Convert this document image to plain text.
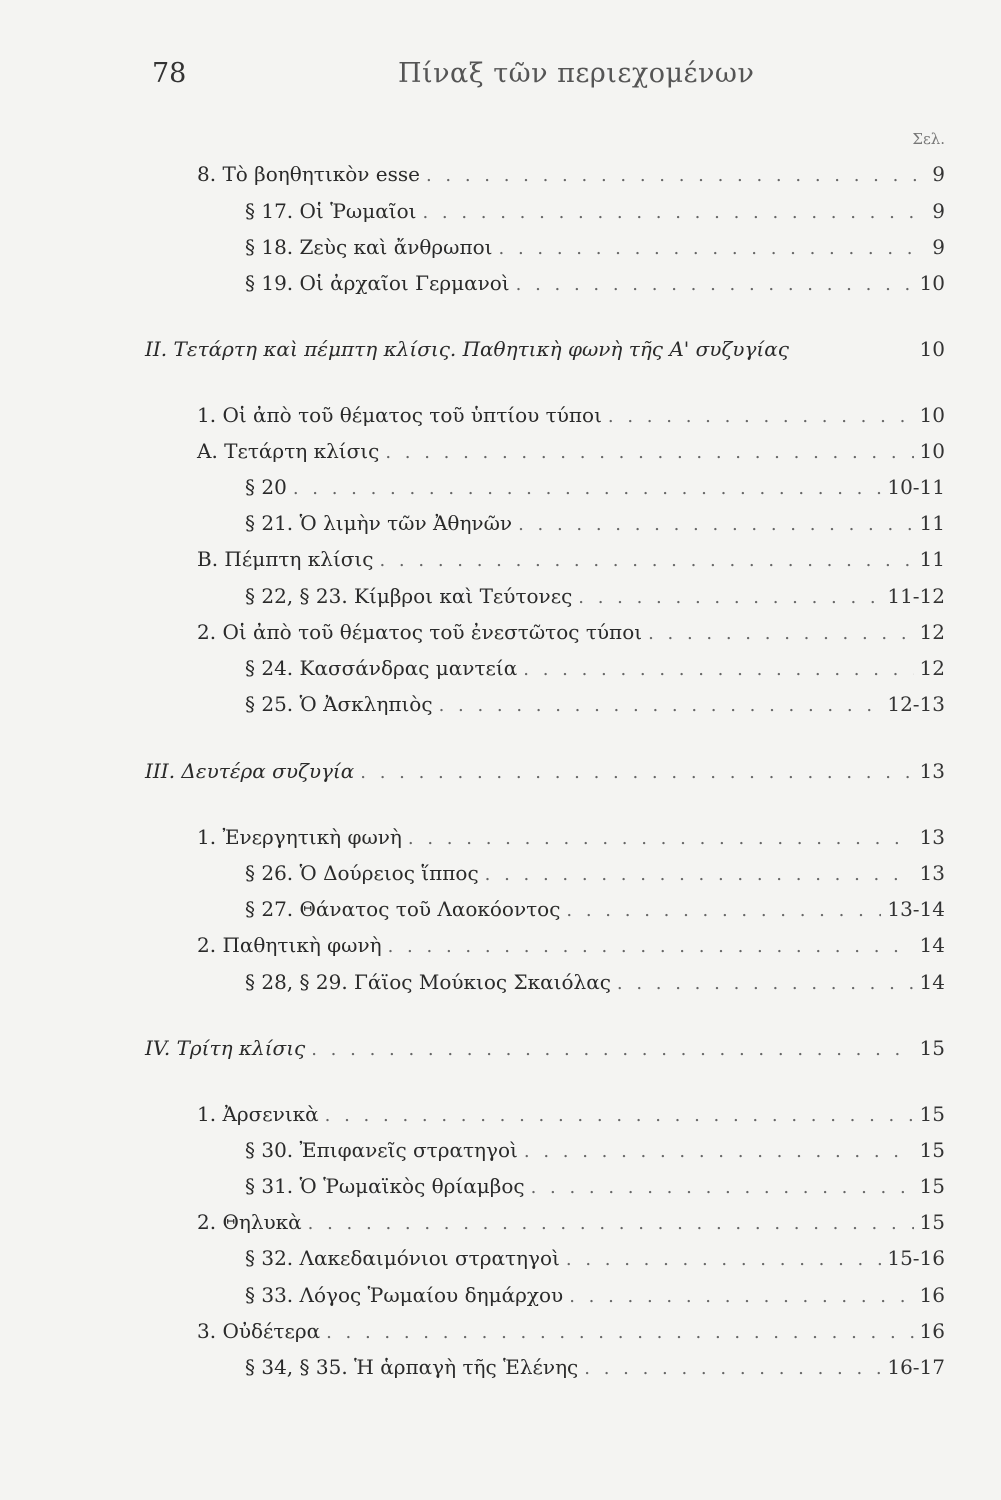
78	Πίναξ τῶν περιεχομένων
Σελ.
8. Τὸ βοηθητικὸν esse . . .	9
§ 17. Οἱ Ῥωμαῖοι . . .	9
§ 18. Ζεὺς καὶ ἄνθρωποι . . .	9
§ 19. Οἱ ἀρχαῖοι Γερμανοὶ . . .	10
II. Τετάρτη καὶ πέμπτη κλίσις. Παθητικὴ φωνὴ τῆς Α' συζυγίας	10
1. Οἱ ἀπὸ τοῦ θέματος τοῦ ὑπτίου τύποι . . .	10
Α. Τετάρτη κλίσις . . .	10
§ 20 . . .	10-11
§ 21. Ὁ λιμὴν τῶν Ἀθηνῶν . . .	11
Β. Πέμπτη κλίσις . . .	11
§ 22, § 23. Κίμβροι καὶ Τεύτονες . . .	11-12
2. Οἱ ἀπὸ τοῦ θέματος τοῦ ἐνεστῶτος τύποι . . .	12
§ 24. Κασσάνδρας μαντεία . . .	12
§ 25. Ὁ Ἀσκληπιὸς . . .	12-13
III. Δευτέρα συζυγία . . .	13
1. Ἐνεργητικὴ φωνὴ . . .	13
§ 26. Ὁ Δούρειος ἵππος . . .	13
§ 27. Θάνατος τοῦ Λαοκόοντος . . .	13-14
2. Παθητικὴ φωνὴ . . .	14
§ 28, § 29. Γάϊος Μούκιος Σκαιόλας . . .	14
IV. Τρίτη κλίσις . . .	15
1. Ἀρσενικὰ . . .	15
§ 30. Ἐπιφανεῖς στρατηγοὶ . . .	15
§ 31. Ὁ Ῥωμαϊκὸς θρίαμβος . . .	15
2. Θηλυκὰ . . .	15
§ 32. Λακεδαιμόνιοι στρατηγοὶ . . .	15-16
§ 33. Λόγος Ῥωμαίου δημάρχου . . .	16
3. Οὐδέτερα . . .	16
§ 34, § 35. Ἡ ἁρπαγὴ τῆς Ἑλένης . . .	16-17
